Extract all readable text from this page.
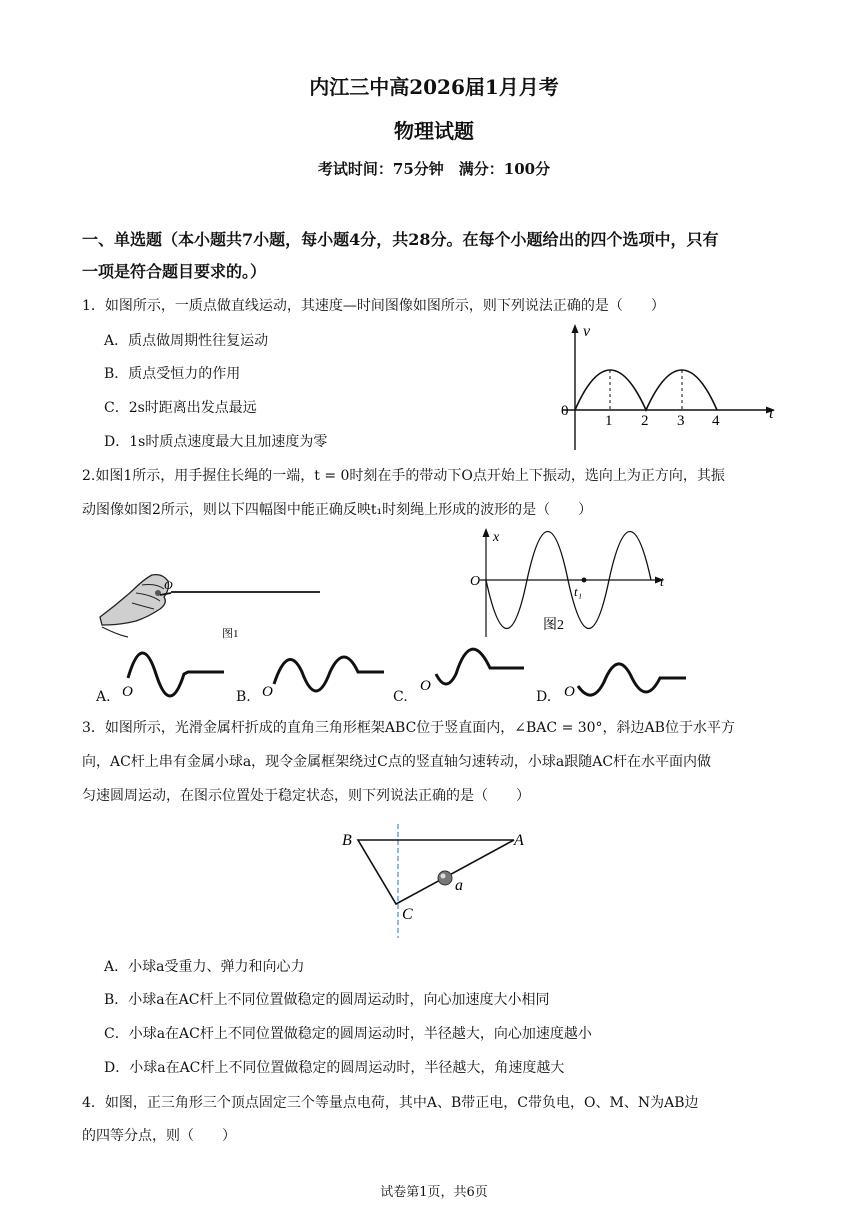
内江三中高2026届1月月考
物理试题
考试时间：75分钟　满分：100分
一、单选题（本小题共7小题，每小题4分，共28分。在每个小题给出的四个选项中，只有
一项是符合题目要求的。）
1．如图所示，一质点做直线运动，其速度—时间图像如图所示，则下列说法正确的是（　　）
A．质点做周期性往复运动
B．质点受恒力的作用
C．2s时距离出发点最远
D．1s时质点速度最大且加速度为零
v
t
0
1 2 3 4
2.如图1所示，用手握住长绳的一端，t = 0时刻在手的带动下O点开始上下振动，选向上为正方向，其振
动图像如图2所示，则以下四幅图中能正确反映t₁时刻绳上形成的波形的是（　　）
O
图1
x
t
O
t₁
图2
A. O	B. O	C.
O
D. O
3．如图所示，光滑金属杆折成的直角三角形框架ABC位于竖直面内，∠BAC = 30°，斜边AB位于水平方
向，AC杆上串有金属小球a，现令金属框架绕过C点的竖直轴匀速转动，小球a跟随AC杆在水平面内做
匀速圆周运动，在图示位置处于稳定状态，则下列说法正确的是（　　）
B	A
C
a
A．小球a受重力、弹力和向心力
B．小球a在AC杆上不同位置做稳定的圆周运动时，向心加速度大小相同
C．小球a在AC杆上不同位置做稳定的圆周运动时，半径越大，向心加速度越小
D．小球a在AC杆上不同位置做稳定的圆周运动时，半径越大，角速度越大
4．如图，正三角形三个顶点固定三个等量点电荷，其中A、B带正电，C带负电，O、M、N为AB边
的四等分点，则（　　）
试卷第1页，共6页
